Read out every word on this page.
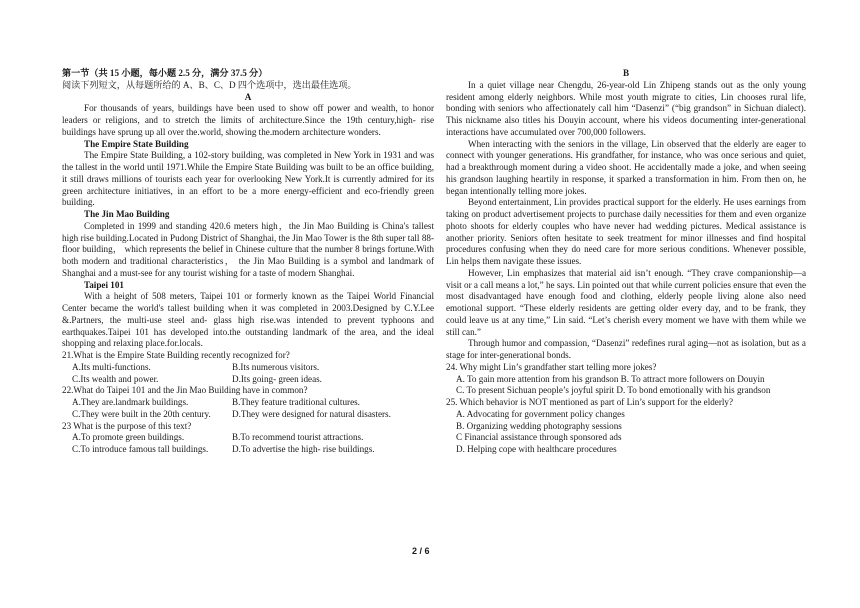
第一节（共 15 小题，每小题 2.5 分，满分 37.5 分）

阅读下列短文，从每题所给的 A、B、C、D 四个选项中，选出最佳选项。

A

For thousands of years, buildings have been used to show off power and wealth, to honor leaders or religions, and to stretch the limits of architecture.Since the 19th century,high- rise buildings have sprung up all over the.world, showing the.modern architecture wonders.

The Empire State Building

The Empire State Building, a 102-story building, was completed in New York in 1931 and was the tallest in the world until 1971.While the Empire State Building was built to be an office building, it still draws millions of tourists each year for overlooking New York.It is currently admired for its green architecture initiatives, in an effort to be a more energy-efficient and eco-friendly green building.

The Jin Mao Building

Completed in 1999 and standing 420.6 meters high，the Jin Mao Building is China's tallest high rise building.Located in Pudong District of Shanghai, the Jin Mao Tower is the 8th super tall 88- floor building， which represents the belief in Chinese culture that the number 8 brings fortune.With both modern and traditional characteristics， the Jin Mao Building is a symbol and landmark of Shanghai and a must-see for any tourist wishing for a taste of modern Shanghai.

Taipei 101

With a height of 508 meters, Taipei 101 or formerly known as the Taipei World Financial Center became the world's tallest building when it was completed in 2003.Designed by C.Y.Lee &.Partners, the multi-use steel and- glass high rise.was intended to prevent typhoons and earthquakes.Taipei 101 has developed into.the outstanding landmark of the area, and the ideal shopping and relaxing place.for.locals.

21.What is the Empire State Building recently recognized for?

A.Its multi-functions.	B.Its numerous visitors.
C.Its wealth and power.	D.Its going- green ideas.

22.What do Taipei 101 and the Jin Mao Building have in common?

A.They are.landmark buildings.	B.They feature traditional cultures.
C.They were built in the 20th century.	D.They were designed for natural disasters.

23 What is the purpose of this text?

A.To promote green buildings.	B.To recommend tourist attractions.
C.To introduce famous tall buildings.	D.To advertise the high- rise buildings.

B

In a quiet village near Chengdu, 26-year-old Lin Zhipeng stands out as the only young resident among elderly neighbors. While most youth migrate to cities, Lin chooses rural life, bonding with seniors who affectionately call him “Dasenzi” (“big grandson” in Sichuan dialect). This nickname also titles his Douyin account, where his videos documenting inter-generational interactions have accumulated over 700,000 followers.

When interacting with the seniors in the village, Lin observed that the elderly are eager to connect with younger generations. His grandfather, for instance, who was once serious and quiet, had a breakthrough moment during a video shoot. He accidentally made a joke, and when seeing his grandson laughing heartily in response, it sparked a transformation in him. From then on, he began intentionally telling more jokes.

Beyond entertainment, Lin provides practical support for the elderly. He uses earnings from taking on product advertisement projects to purchase daily necessities for them and even organize photo shoots for elderly couples who have never had wedding pictures. Medical assistance is another priority. Seniors often hesitate to seek treatment for minor illnesses and find hospital procedures confusing when they do need care for more serious conditions. Whenever possible, Lin helps them navigate these issues.

However, Lin emphasizes that material aid isn’t enough. “They crave companionship—a visit or a call means a lot,” he says. Lin pointed out that while current policies ensure that even the most disadvantaged have enough food and clothing, elderly people living alone also need emotional support. “These elderly residents are getting older every day, and to be frank, they could leave us at any time,” Lin said. “Let’s cherish every moment we have with them while we still can.”

Through humor and compassion, “Dasenzi” redefines rural aging—not as isolation, but as a stage for inter-generational bonds.

24. Why might Lin’s grandfather start telling more jokes?

A. To gain more attention from his grandson B. To attract more followers on Douyin
C. To present Sichuan people’s joyful spirit D. To bond emotionally with his grandson

25. Which behavior is NOT mentioned as part of Lin’s support for the elderly?

A. Advocating for government policy changes
B. Organizing wedding photography sessions
C Financial assistance through sponsored ads
D. Helping cope with healthcare procedures
2 / 6
